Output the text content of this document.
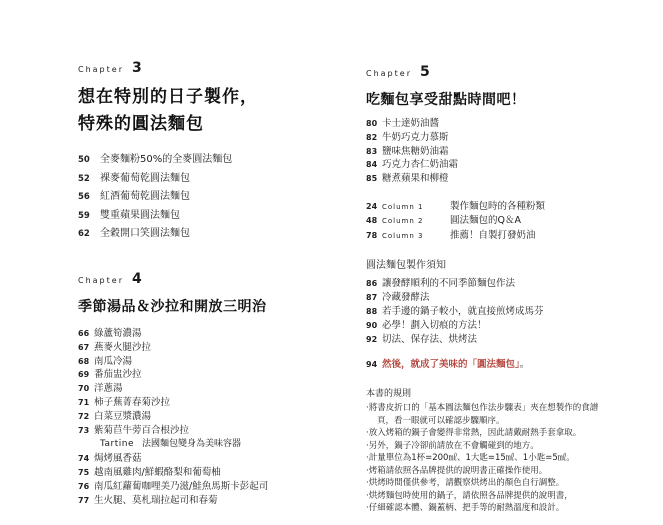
Chapter 3
想在特別的日子製作，
特殊的圓法麵包
50	全麥麵粉50%的全麥圓法麵包
52	裸麥葡萄乾圓法麵包
56	紅酒葡萄乾圓法麵包
59	雙重蘋果圓法麵包
62	全穀開口笑圓法麵包
Chapter 4
季節湯品＆沙拉和開放三明治
66 綠蘆筍濃湯
67 燕麥火腿沙拉
68 南瓜冷湯
69 番茄盅沙拉
70 洋蔥湯
71 柿子蕪菁春菊沙拉
72 白菜豆漿濃湯
73 紫菊苣牛蒡百合根沙拉
Tartine 法國麵包變身為美味容器
74 焗烤風香菇
75 越南風雞肉/鮮蝦酪梨和葡萄柚
76 南瓜紅蘿蔔咖哩美乃滋/鮭魚馬斯卡彭起司
77 生火腿、莫札瑞拉起司和春菊
Chapter 5
吃麵包享受甜點時間吧！
80 卡士達奶油醬
82 牛奶巧克力慕斯
83 鹽味焦糖奶油霜
84 巧克力杏仁奶油霜
85 糖煮蘋果和柳橙
24 Column 1	製作麵包時的各種粉類
48 Column 2	圓法麵包的Q＆A
78 Column 3	推薦！自製打發奶油
圓法麵包製作須知
86 讓發酵順利的不同季節麵包作法
87 冷藏發酵法
88 若手邊的鍋子較小，就直接煎烤成馬芬
90 必學！劃入切痕的方法！
92 切法、保存法、烘烤法
94 然後，就成了美味的「圓法麵包」。
本書的規則
‧將書皮折口的「基本圓法麵包作法步驟表」夾在想製作的食譜
頁，看一眼就可以確認步驟順序。
‧放入烤箱的鍋子會變得非常熱，因此請戴耐熱手套拿取。
‧另外，鍋子冷卻前請放在不會觸碰到的地方。
‧計量單位為1杯=200㎖、1大匙=15㎖、1小匙=5㎖。
‧烤箱請依照各品牌提供的說明書正確操作使用。
‧烘烤時間僅供參考，請觀察烘烤出的顏色自行調整。
‧烘烤麵包時使用的鍋子，請依照各品牌提供的說明書，
‧仔細確認本體、鍋蓋柄、把手等的耐熱溫度和設計。
